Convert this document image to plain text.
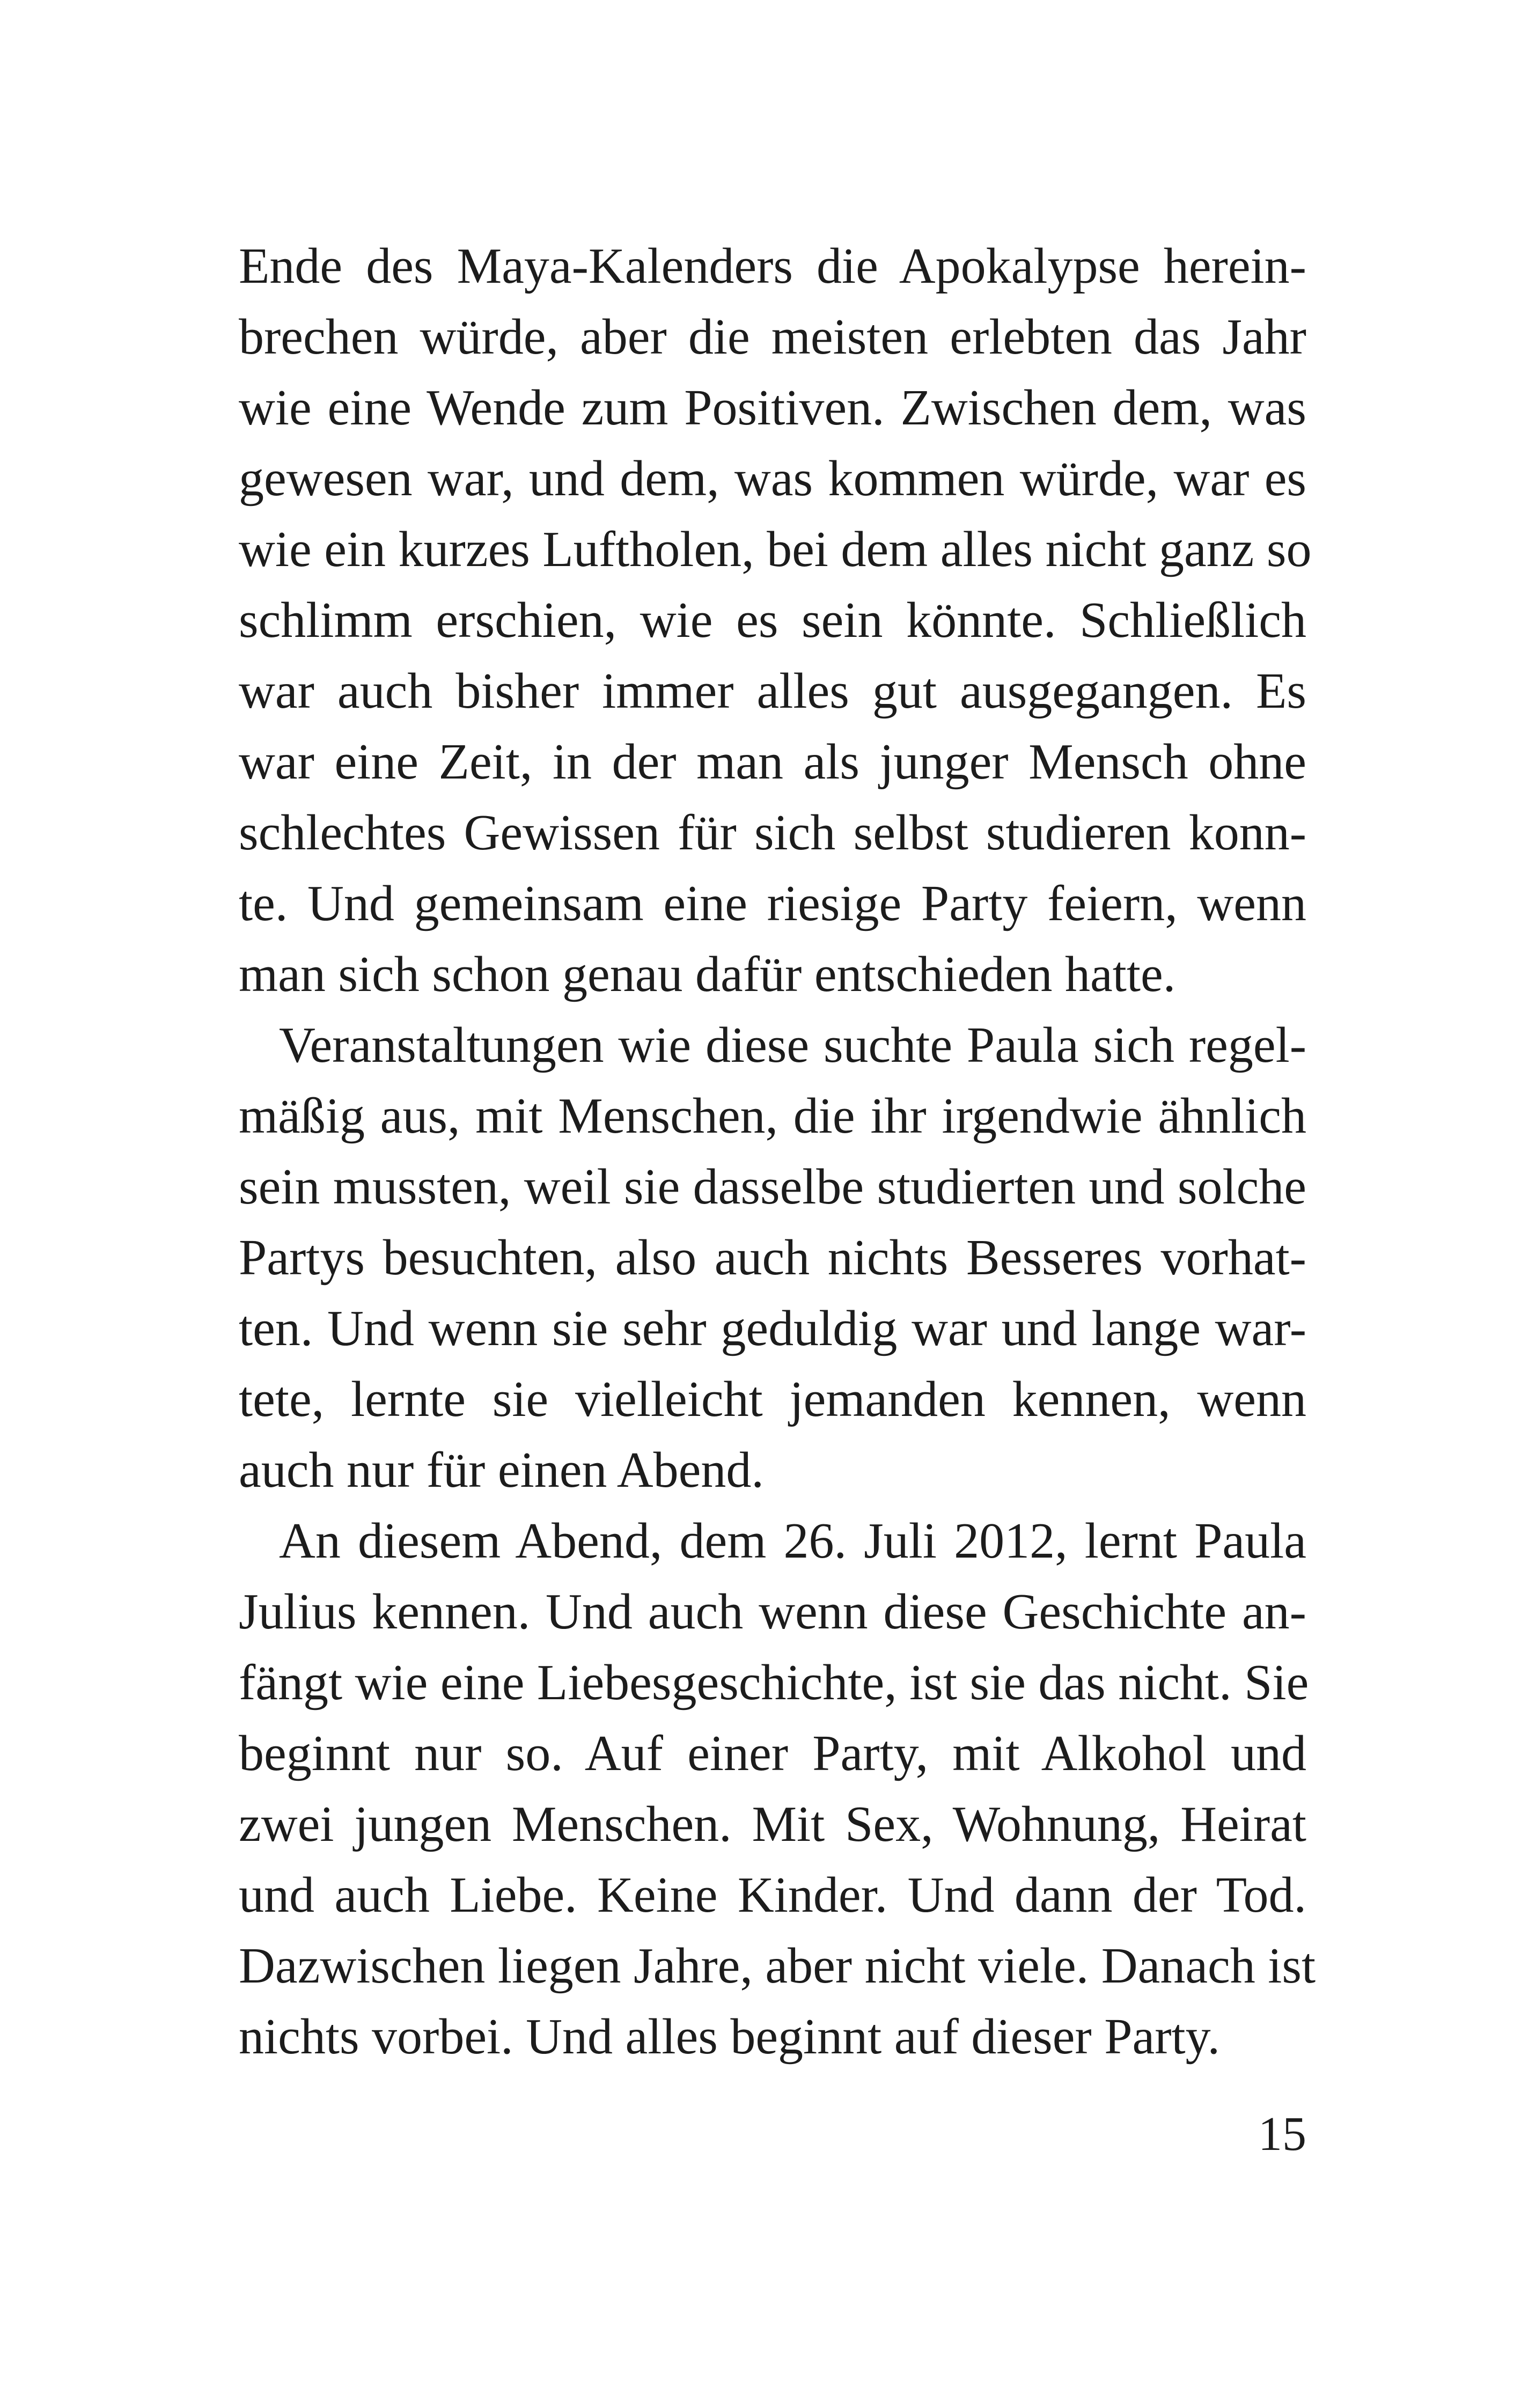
Ende des Maya-Kalenders die Apokalypse herein-
brechen würde, aber die meisten erlebten das Jahr
wie eine Wende zum Positiven. Zwischen dem, was
gewesen war, und dem, was kommen würde, war es
wie ein kurzes Luftholen, bei dem alles nicht ganz so
schlimm erschien, wie es sein könnte. Schließlich
war auch bisher immer alles gut ausgegangen. Es
war eine Zeit, in der man als junger Mensch ohne
schlechtes Gewissen für sich selbst studieren konn-
te. Und gemeinsam eine riesige Party feiern, wenn
man sich schon genau dafür entschieden hatte.
Veranstaltungen wie diese suchte Paula sich regel-
mäßig aus, mit Menschen, die ihr irgendwie ähnlich
sein mussten, weil sie dasselbe studierten und solche
Partys besuchten, also auch nichts Besseres vorhat-
ten. Und wenn sie sehr geduldig war und lange war-
tete, lernte sie vielleicht jemanden kennen, wenn
auch nur für einen Abend.
An diesem Abend, dem 26. Juli 2012, lernt Paula
Julius kennen. Und auch wenn diese Geschichte an-
fängt wie eine Liebesgeschichte, ist sie das nicht. Sie
beginnt nur so. Auf einer Party, mit Alkohol und
zwei jungen Menschen. Mit Sex, Wohnung, Heirat
und auch Liebe. Keine Kinder. Und dann der Tod.
Dazwischen liegen Jahre, aber nicht viele. Danach ist
nichts vorbei. Und alles beginnt auf dieser Party.
15
